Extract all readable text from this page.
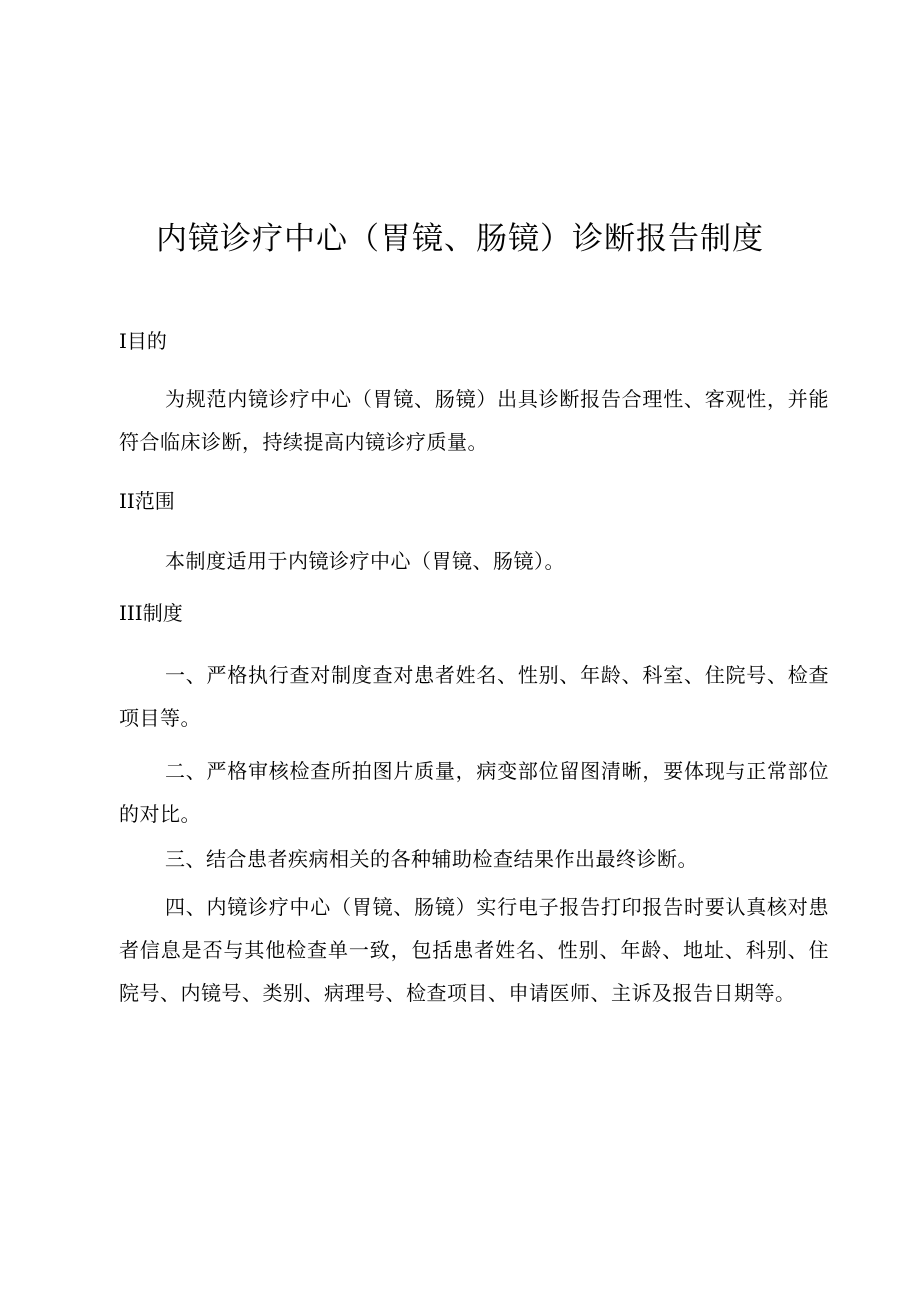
内镜诊疗中心（胃镜、肠镜）诊断报告制度

I目的

为规范内镜诊疗中心（胃镜、肠镜）出具诊断报告合理性、客观性，并能符合临床诊断，持续提高内镜诊疗质量。

II范围

本制度适用于内镜诊疗中心（胃镜、肠镜）。

III制度

一、严格执行查对制度查对患者姓名、性别、年龄、科室、住院号、检查项目等。

二、严格审核检查所拍图片质量，病变部位留图清晰，要体现与正常部位的对比。

三、结合患者疾病相关的各种辅助检查结果作出最终诊断。

四、内镜诊疗中心（胃镜、肠镜）实行电子报告打印报告时要认真核对患者信息是否与其他检查单一致，包括患者姓名、性别、年龄、地址、科别、住院号、内镜号、类别、病理号、检查项目、申请医师、主诉及报告日期等。
